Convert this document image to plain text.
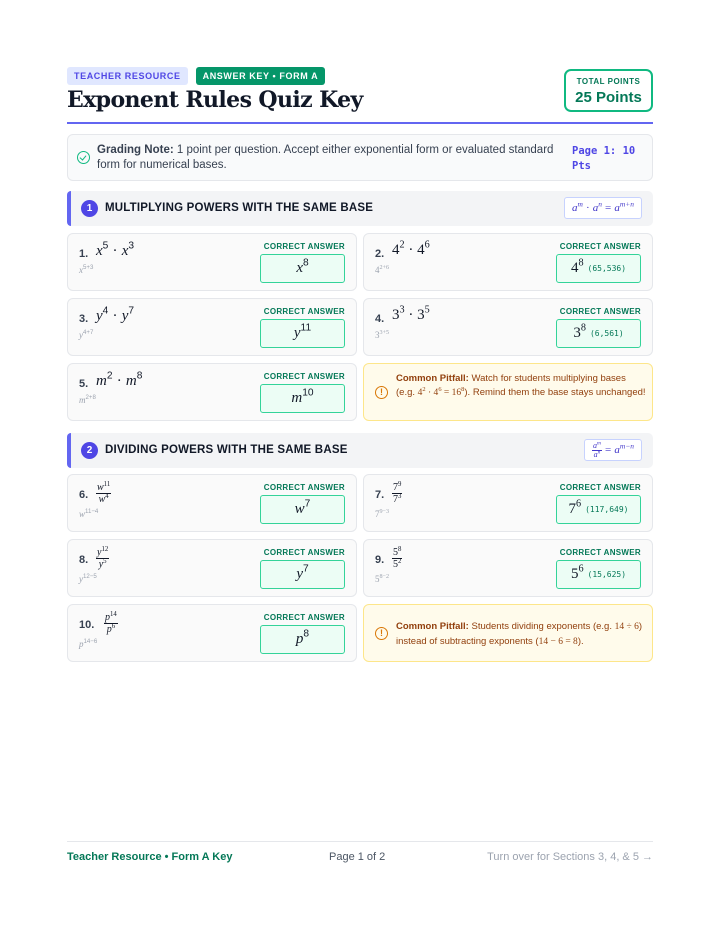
TEACHER RESOURCE	ANSWER KEY • FORM A
Exponent Rules Quiz Key
TOTAL POINTS
25 Points
Grading Note: 1 point per question. Accept either exponential form or evaluated standard form for numerical bases.
Page 1: 10 Pts
1	MULTIPLYING POWERS WITH THE SAME BASE	$a^m \cdot a^n = a^{m+n}$
1. $x^5 \cdot x^3$
$x^{5+3}$
CORRECT ANSWER
$x^8$
2. $4^2 \cdot 4^6$
$4^{2+6}$
CORRECT ANSWER
$4^8$ (65,536)
3. $y^4 \cdot y^7$
$y^{4+7}$
CORRECT ANSWER
$y^{11}$
4. $3^3 \cdot 3^5$
$3^{3+5}$
CORRECT ANSWER
$3^8$ (6,561)
5. $m^2 \cdot m^8$
$m^{2+8}$
CORRECT ANSWER
$m^{10}$	!
Common Pitfall: Watch for students multiplying bases (e.g. $4^2 \cdot 4^6 = 16^8$). Remind them the base stays unchanged!
2	DIVIDING POWERS WITH THE SAME BASE	$\frac{a^m}{a^n} = a^{m-n}$
6. $\frac{w^{11}}{w^4}$
$w^{11-4}$
CORRECT ANSWER
$w^7$
7. $\frac{7^9}{7^3}$
$7^{9-3}$
CORRECT ANSWER
$7^6$ (117,649)
8. $\frac{y^{12}}{y^5}$
$y^{12-5}$
CORRECT ANSWER
$y^7$
9. $\frac{5^8}{5^2}$
$5^{8-2}$
CORRECT ANSWER
$5^6$ (15,625)
10. $\frac{p^{14}}{p^6}$
$p^{14-6}$
CORRECT ANSWER
$p^8$	!
Common Pitfall: Students dividing exponents (e.g. 14 ÷ 6) instead of subtracting exponents (14 − 6 = 8).
Teacher Resource • Form A Key	Page 1 of 2	Turn over for Sections 3, 4, & 5 →
